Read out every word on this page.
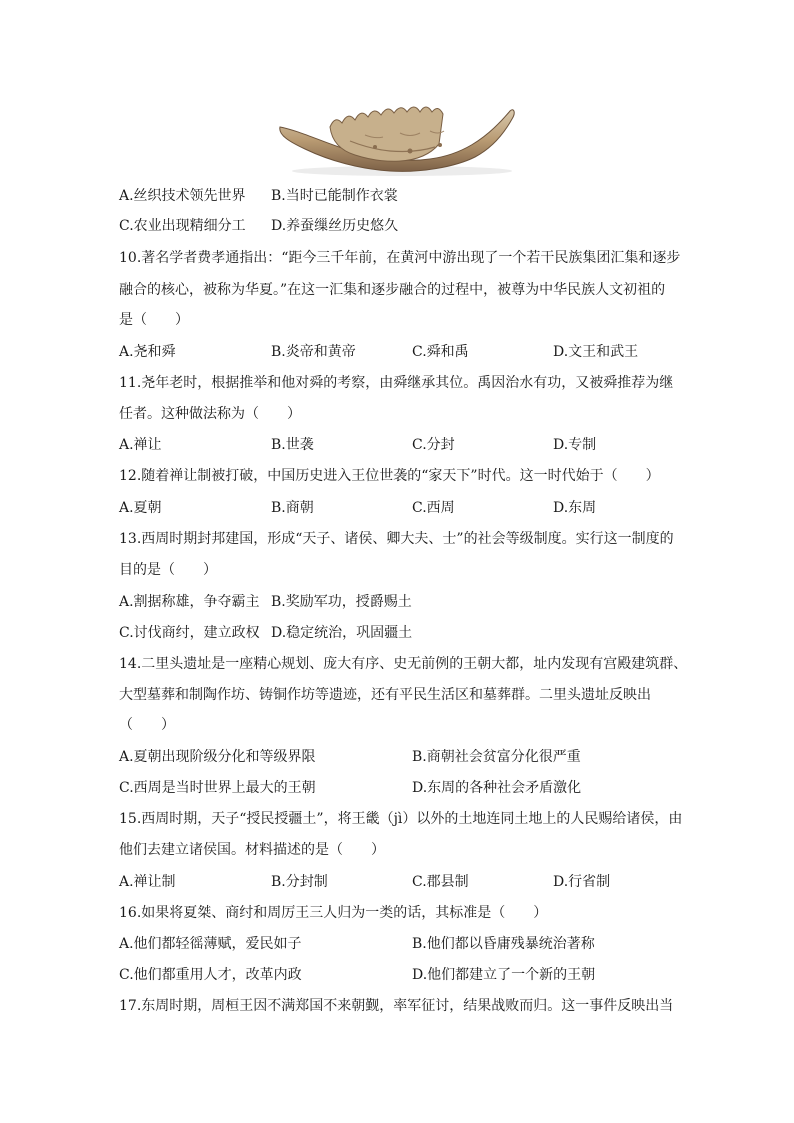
A.丝织技术领先世界 B.当时已能制作衣裳
C.农业出现精细分工 D.养蚕缫丝历史悠久
10.著名学者费孝通指出：“距今三千年前，在黄河中游出现了一个若干民族集团汇集和逐步
融合的核心，被称为华夏。”在这一汇集和逐步融合的过程中，被尊为中华民族人文初祖的
是（　　）
A.尧和舜	B.炎帝和黄帝	C.舜和禹	D.文王和武王
11.尧年老时，根据推举和他对舜的考察，由舜继承其位。禹因治水有功，又被舜推荐为继
任者。这种做法称为（　　）
A.禅让	B.世袭	C.分封	D.专制
12.随着禅让制被打破，中国历史进入王位世袭的“家天下”时代。这一时代始于（　　）
A.夏朝	B.商朝	C.西周	D.东周
13.西周时期封邦建国，形成“天子、诸侯、卿大夫、士”的社会等级制度。实行这一制度的
目的是（　　）
A.割据称雄，争夺霸主 B.奖励军功，授爵赐土
C.讨伐商纣，建立政权 D.稳定统治，巩固疆土
14.二里头遗址是一座精心规划、庞大有序、史无前例的王朝大都，址内发现有宫殿建筑群、
大型墓葬和制陶作坊、铸铜作坊等遗迹，还有平民生活区和墓葬群。二里头遗址反映出
（　　）
A.夏朝出现阶级分化和等级界限	B.商朝社会贫富分化很严重
C.西周是当时世界上最大的王朝	D.东周的各种社会矛盾激化
15.西周时期，天子“授民授疆土”，将王畿（jì）以外的土地连同土地上的人民赐给诸侯，由
他们去建立诸侯国。材料描述的是（　　）
A.禅让制	B.分封制	C.郡县制	D.行省制
16.如果将夏桀、商纣和周厉王三人归为一类的话，其标准是（　　）
A.他们都轻徭薄赋，爱民如子	B.他们都以昏庸残暴统治著称
C.他们都重用人才，改革内政	D.他们都建立了一个新的王朝
17.东周时期，周桓王因不满郑国不来朝觐，率军征讨，结果战败而归。这一事件反映出当
